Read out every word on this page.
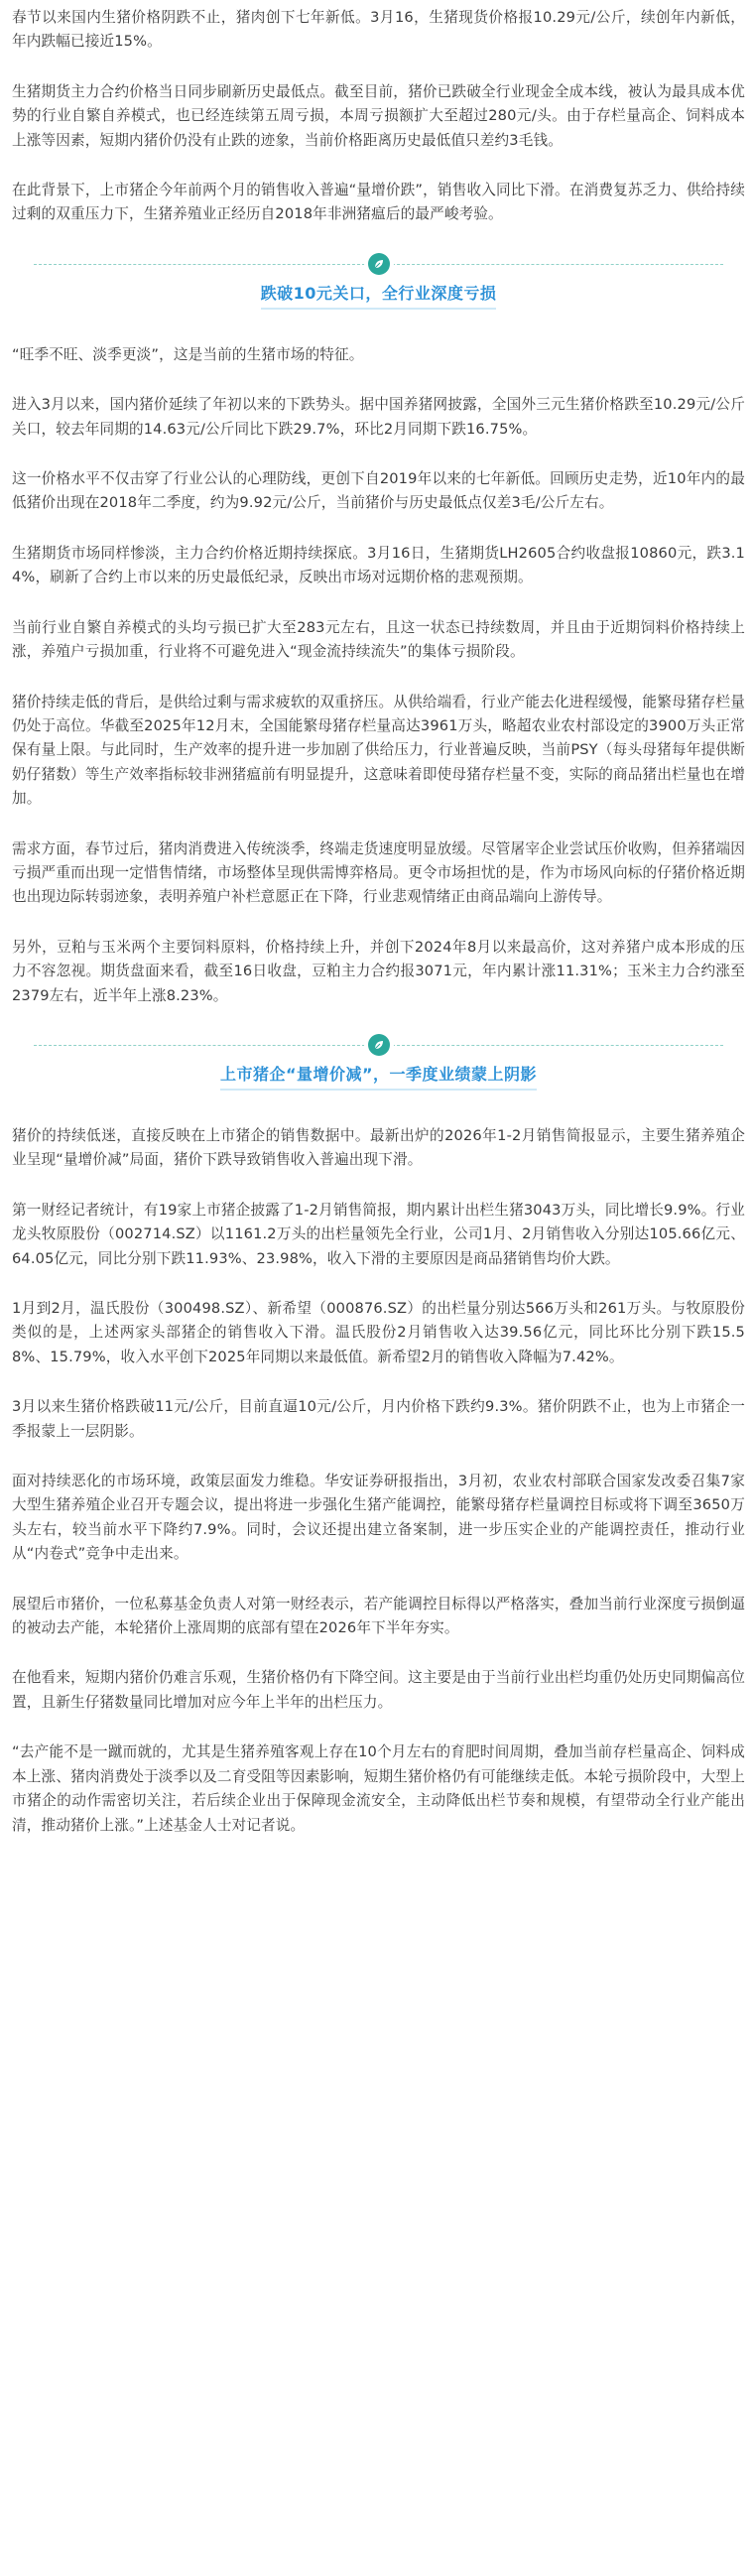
春节以来国内生猪价格阴跌不止，猪肉创下七年新低。3月16，生猪现货价格报10.29元/公斤，续创年内新低，年内跌幅已接近15%。

生猪期货主力合约价格当日同步刷新历史最低点。截至目前，猪价已跌破全行业现金全成本线，被认为最具成本优势的行业自繁自养模式，也已经连续第五周亏损，本周亏损额扩大至超过280元/头。由于存栏量高企、饲料成本上涨等因素，短期内猪价仍没有止跌的迹象，当前价格距离历史最低值只差约3毛钱。

在此背景下，上市猪企今年前两个月的销售收入普遍“量增价跌”，销售收入同比下滑。在消费复苏乏力、供给持续过剩的双重压力下，生猪养殖业正经历自2018年非洲猪瘟后的最严峻考验。

跌破10元关口，全行业深度亏损

“旺季不旺、淡季更淡”，这是当前的生猪市场的特征。

进入3月以来，国内猪价延续了年初以来的下跌势头。据中国养猪网披露，全国外三元生猪价格跌至10.29元/公斤关口，较去年同期的14.63元/公斤同比下跌29.7%，环比2月同期下跌16.75%。

这一价格水平不仅击穿了行业公认的心理防线，更创下自2019年以来的七年新低。回顾历史走势，近10年内的最低猪价出现在2018年二季度，约为9.92元/公斤，当前猪价与历史最低点仅差3毛/公斤左右。

生猪期货市场同样惨淡，主力合约价格近期持续探底。3月16日，生猪期货LH2605合约收盘报10860元，跌3.14%，刷新了合约上市以来的历史最低纪录，反映出市场对远期价格的悲观预期。

当前行业自繁自养模式的头均亏损已扩大至283元左右，且这一状态已持续数周，并且由于近期饲料价格持续上涨，养殖户亏损加重，行业将不可避免进入“现金流持续流失”的集体亏损阶段。

猪价持续走低的背后，是供给过剩与需求疲软的双重挤压。从供给端看，行业产能去化进程缓慢，能繁母猪存栏量仍处于高位。华截至2025年12月末，全国能繁母猪存栏量高达3961万头，略超农业农村部设定的3900万头正常保有量上限。与此同时，生产效率的提升进一步加剧了供给压力，行业普遍反映，当前PSY（每头母猪每年提供断奶仔猪数）等生产效率指标较非洲猪瘟前有明显提升，这意味着即使母猪存栏量不变，实际的商品猪出栏量也在增加。

需求方面，春节过后，猪肉消费进入传统淡季，终端走货速度明显放缓。尽管屠宰企业尝试压价收购，但养猪端因亏损严重而出现一定惜售情绪，市场整体呈现供需博弈格局。更令市场担忧的是，作为市场风向标的仔猪价格近期也出现边际转弱迹象，表明养殖户补栏意愿正在下降，行业悲观情绪正由商品端向上游传导。

另外，豆粕与玉米两个主要饲料原料，价格持续上升，并创下2024年8月以来最高价，这对养猪户成本形成的压力不容忽视。期货盘面来看，截至16日收盘，豆粕主力合约报3071元，年内累计涨11.31%；玉米主力合约涨至2379左右，近半年上涨8.23%。

上市猪企“量增价减”，一季度业绩蒙上阴影

猪价的持续低迷，直接反映在上市猪企的销售数据中。最新出炉的2026年1-2月销售简报显示，主要生猪养殖企业呈现“量增价减”局面，猪价下跌导致销售收入普遍出现下滑。

第一财经记者统计，有19家上市猪企披露了1-2月销售简报，期内累计出栏生猪3043万头，同比增长9.9%。行业龙头牧原股份（002714.SZ）以1161.2万头的出栏量领先全行业，公司1月、2月销售收入分别达105.66亿元、64.05亿元，同比分别下跌11.93%、23.98%，收入下滑的主要原因是商品猪销售均价大跌。

1月到2月，温氏股份（300498.SZ）、新希望（000876.SZ）的出栏量分别达566万头和261万头。与牧原股份类似的是，上述两家头部猪企的销售收入下滑。温氏股份2月销售收入达39.56亿元，同比环比分别下跌15.58%、15.79%，收入水平创下2025年同期以来最低值。新希望2月的销售收入降幅为7.42%。

3月以来生猪价格跌破11元/公斤，目前直逼10元/公斤，月内价格下跌约9.3%。猪价阴跌不止，也为上市猪企一季报蒙上一层阴影。

面对持续恶化的市场环境，政策层面发力维稳。华安证券研报指出，3月初，农业农村部联合国家发改委召集7家大型生猪养殖企业召开专题会议，提出将进一步强化生猪产能调控，能繁母猪存栏量调控目标或将下调至3650万头左右，较当前水平下降约7.9%。同时，会议还提出建立备案制，进一步压实企业的产能调控责任，推动行业从“内卷式”竞争中走出来。

展望后市猪价，一位私募基金负责人对第一财经表示，若产能调控目标得以严格落实，叠加当前行业深度亏损倒逼的被动去产能，本轮猪价上涨周期的底部有望在2026年下半年夯实。

在他看来，短期内猪价仍难言乐观，生猪价格仍有下降空间。这主要是由于当前行业出栏均重仍处历史同期偏高位置，且新生仔猪数量同比增加对应今年上半年的出栏压力。

“去产能不是一蹴而就的，尤其是生猪养殖客观上存在10个月左右的育肥时间周期，叠加当前存栏量高企、饲料成本上涨、猪肉消费处于淡季以及二育受阻等因素影响，短期生猪价格仍有可能继续走低。本轮亏损阶段中，大型上市猪企的动作需密切关注，若后续企业出于保障现金流安全，主动降低出栏节奏和规模，有望带动全行业产能出清，推动猪价上涨。”上述基金人士对记者说。
